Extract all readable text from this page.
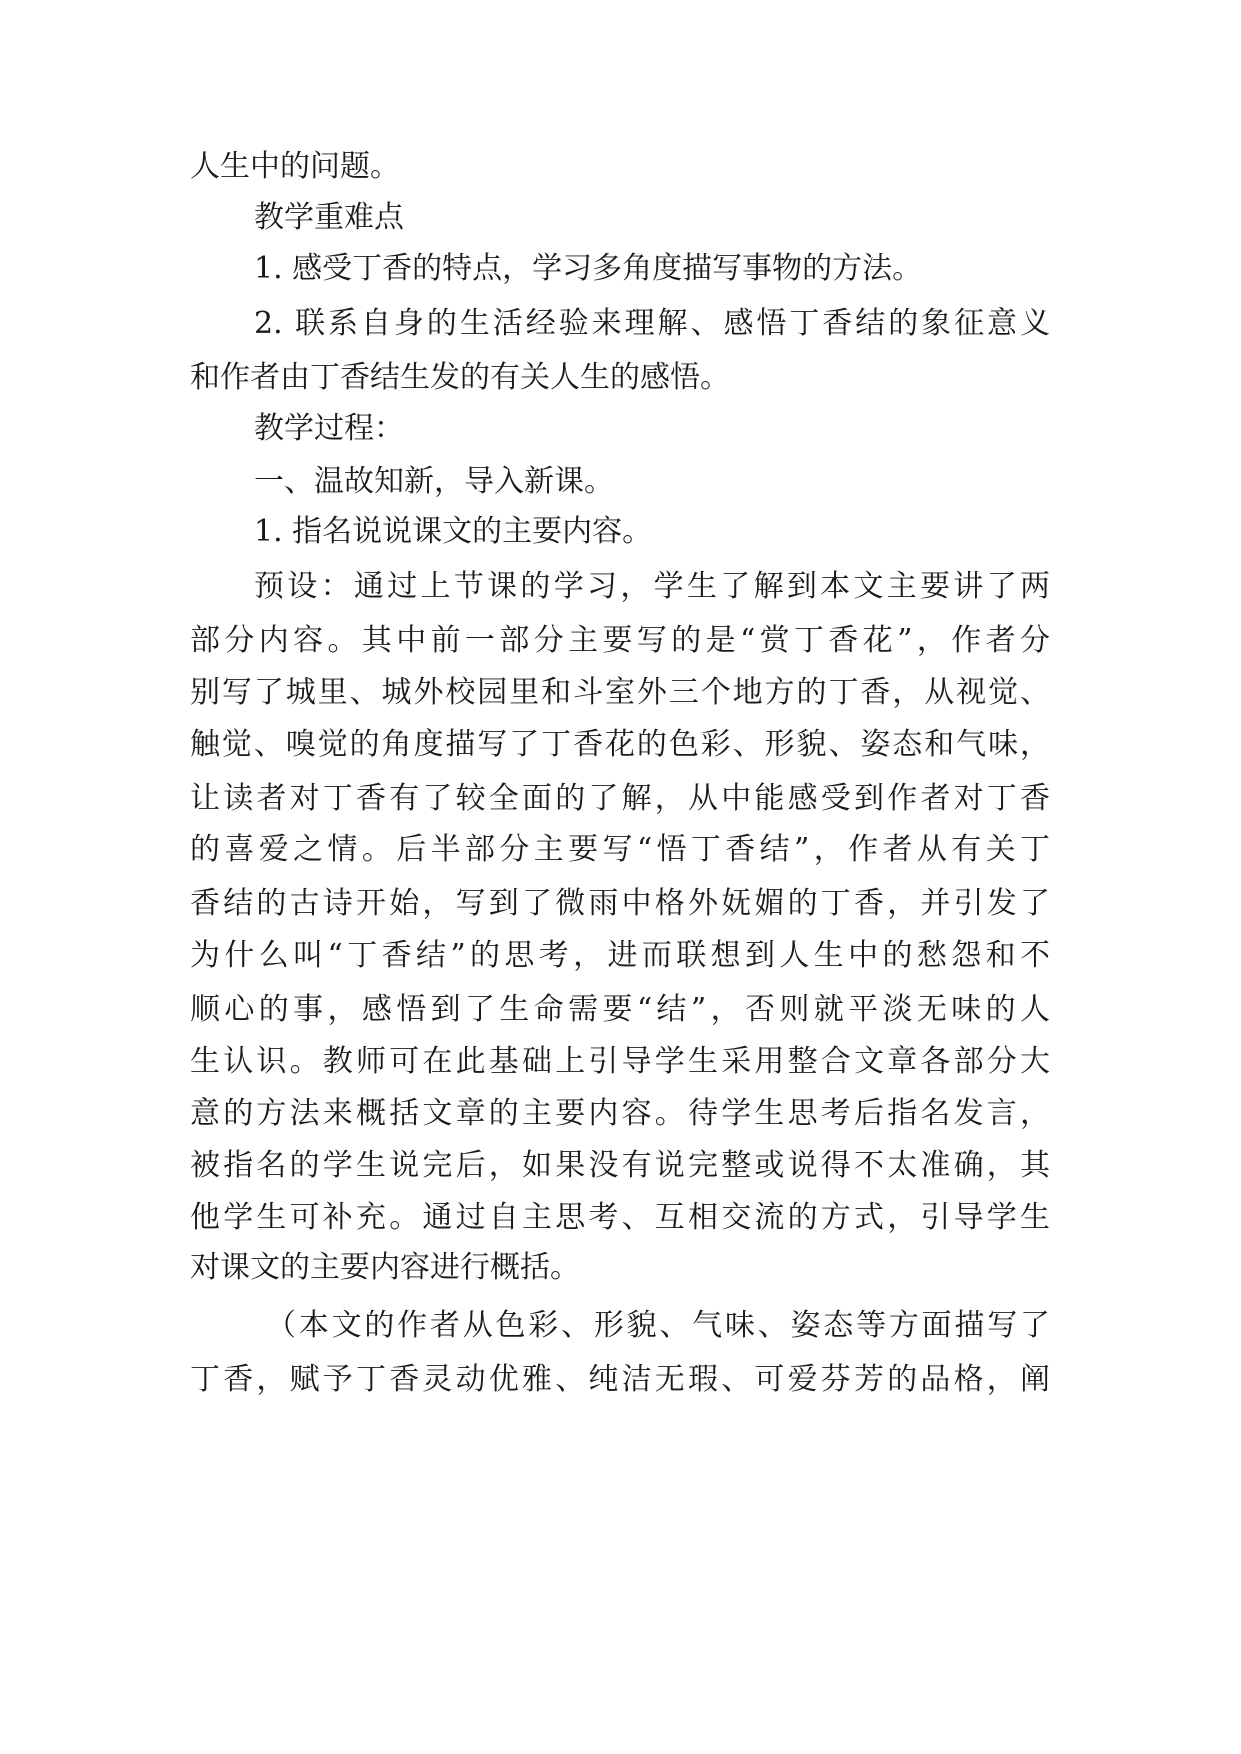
人生中的问题。
教学重难点
1. 感受丁香的特点，学习多角度描写事物的方法。
2. 联系自身的生活经验来理解、感悟丁香结的象征意义
和作者由丁香结生发的有关人生的感悟。
教学过程：
一、温故知新，导入新课。
1. 指名说说课文的主要内容。
预设：通过上节课的学习，学生了解到本文主要讲了两
部分内容。其中前一部分主要写的是“赏丁香花”，作者分
别写了城里、城外校园里和斗室外三个地方的丁香，从视觉、
触觉、嗅觉的角度描写了丁香花的色彩、形貌、姿态和气味，
让读者对丁香有了较全面的了解，从中能感受到作者对丁香
的喜爱之情。后半部分主要写“悟丁香结”，作者从有关丁
香结的古诗开始，写到了微雨中格外妩媚的丁香，并引发了
为什么叫“丁香结”的思考，进而联想到人生中的愁怨和不
顺心的事，感悟到了生命需要“结”，否则就平淡无味的人
生认识。教师可在此基础上引导学生采用整合文章各部分大
意的方法来概括文章的主要内容。待学生思考后指名发言，
被指名的学生说完后，如果没有说完整或说得不太准确，其
他学生可补充。通过自主思考、互相交流的方式，引导学生
对课文的主要内容进行概括。
（本文的作者从色彩、形貌、气味、姿态等方面描写了
丁香，赋予丁香灵动优雅、纯洁无瑕、可爱芬芳的品格，阐
